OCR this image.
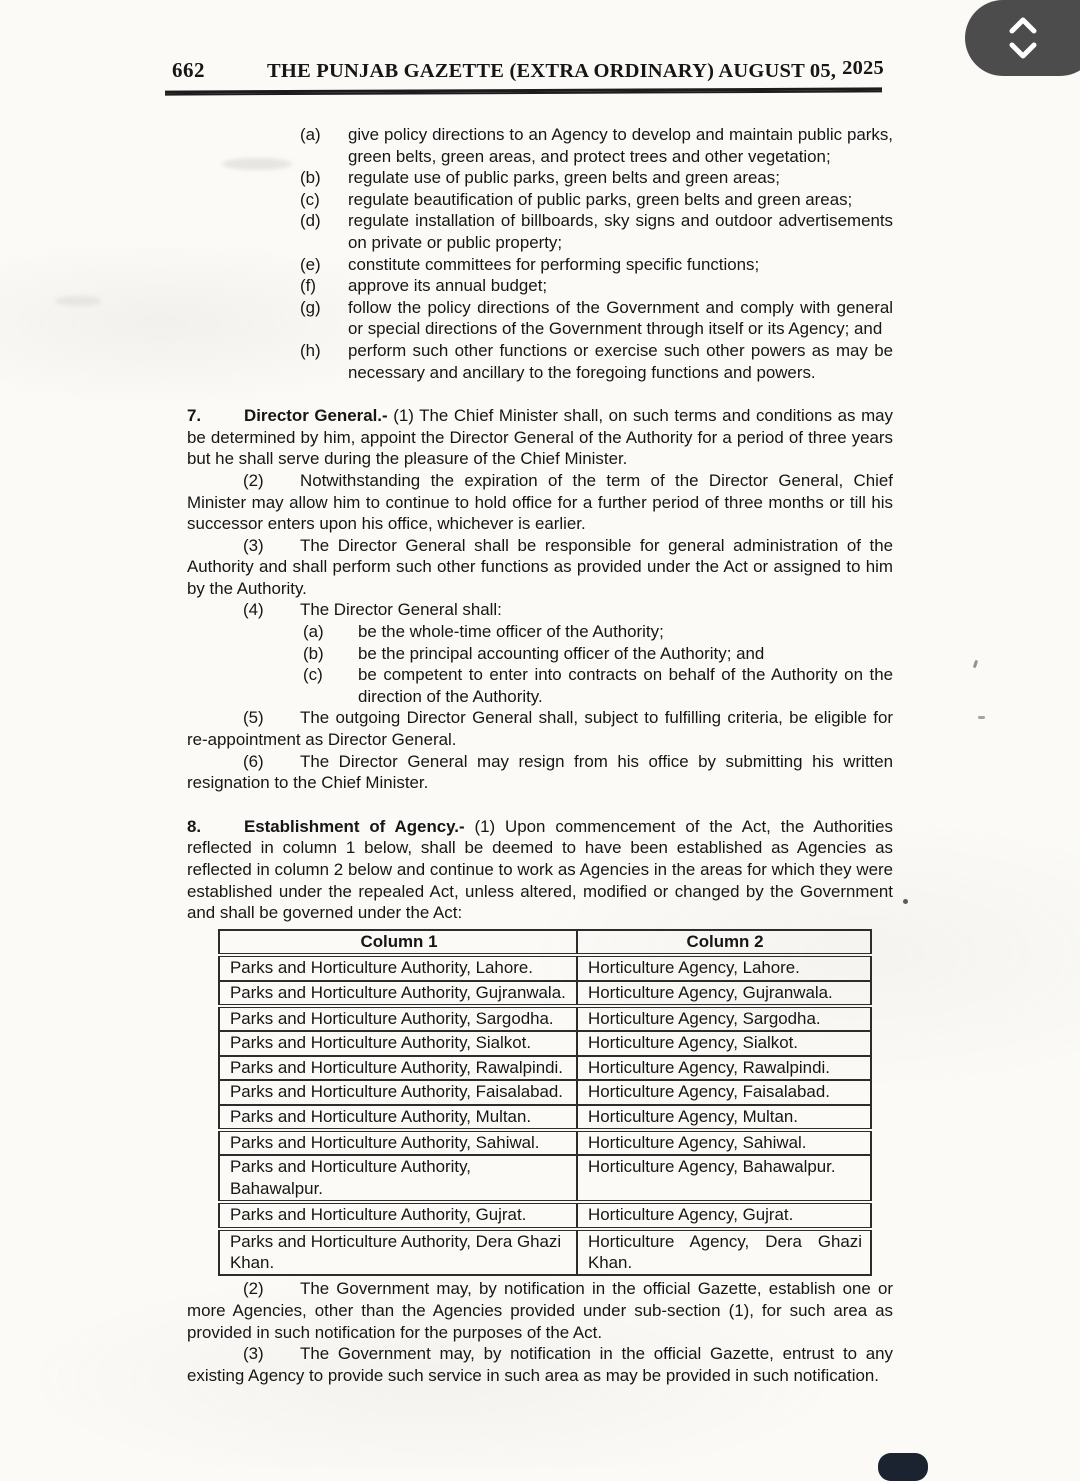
662	THE PUNJAB GAZETTE (EXTRA ORDINARY) AUGUST 05, 2025
(a)	give policy directions to an Agency to develop and maintain public parks, green belts, green areas, and protect trees and other vegetation;
(b)	regulate use of public parks, green belts and green areas;
(c)	regulate beautification of public parks, green belts and green areas;
(d)	regulate installation of billboards, sky signs and outdoor advertisements on private or public property;
(e)	constitute committees for performing specific functions;
(f)	approve its annual budget;
(g)	follow the policy directions of the Government and comply with general or special directions of the Government through itself or its Agency; and
(h)	perform such other functions or exercise such other powers as may be necessary and ancillary to the foregoing functions and powers.

7.	Director General.- (1) The Chief Minister shall, on such terms and conditions as may be determined by him, appoint the Director General of the Authority for a period of three years but he shall serve during the pleasure of the Chief Minister.

(2) Notwithstanding the expiration of the term of the Director General, Chief Minister may allow him to continue to hold office for a further period of three months or till his successor enters upon his office, whichever is earlier.

(3) The Director General shall be responsible for general administration of the Authority and shall perform such other functions as provided under the Act or assigned to him by the Authority.

(4) The Director General shall:

(a)	be the whole-time officer of the Authority;
(b)	be the principal accounting officer of the Authority; and
(c)	be competent to enter into contracts on behalf of the Authority on the direction of the Authority.

(5) The outgoing Director General shall, subject to fulfilling criteria, be eligible for re-appointment as Director General.

(6) The Director General may resign from his office by submitting his written resignation to the Chief Minister.

8.	Establishment of Agency.- (1) Upon commencement of the Act, the Authorities reflected in column 1 below, shall be deemed to have been established as Agencies as reflected in column 2 below and continue to work as Agencies in the areas for which they were established under the repealed Act, unless altered, modified or changed by the Government and shall be governed under the Act:

Column 1	Column 2
Parks and Horticulture Authority, Lahore.	Horticulture Agency, Lahore.
Parks and Horticulture Authority, Gujranwala.	Horticulture Agency, Gujranwala.
Parks and Horticulture Authority, Sargodha.	Horticulture Agency, Sargodha.
Parks and Horticulture Authority, Sialkot.	Horticulture Agency, Sialkot.
Parks and Horticulture Authority, Rawalpindi.	Horticulture Agency, Rawalpindi.
Parks and Horticulture Authority, Faisalabad.	Horticulture Agency, Faisalabad.
Parks and Horticulture Authority, Multan.	Horticulture Agency, Multan.
Parks and Horticulture Authority, Sahiwal.	Horticulture Agency, Sahiwal.
Parks and Horticulture Authority, Bahawalpur.	Horticulture Agency, Bahawalpur.
Parks and Horticulture Authority, Gujrat.	Horticulture Agency, Gujrat.
Parks and Horticulture Authority, Dera Ghazi Khan.	Horticulture Agency, Dera Ghazi Khan.

(2) The Government may, by notification in the official Gazette, establish one or more Agencies, other than the Agencies provided under sub-section (1), for such area as provided in such notification for the purposes of the Act.

(3) The Government may, by notification in the official Gazette, entrust to any existing Agency to provide such service in such area as may be provided in such notification.
